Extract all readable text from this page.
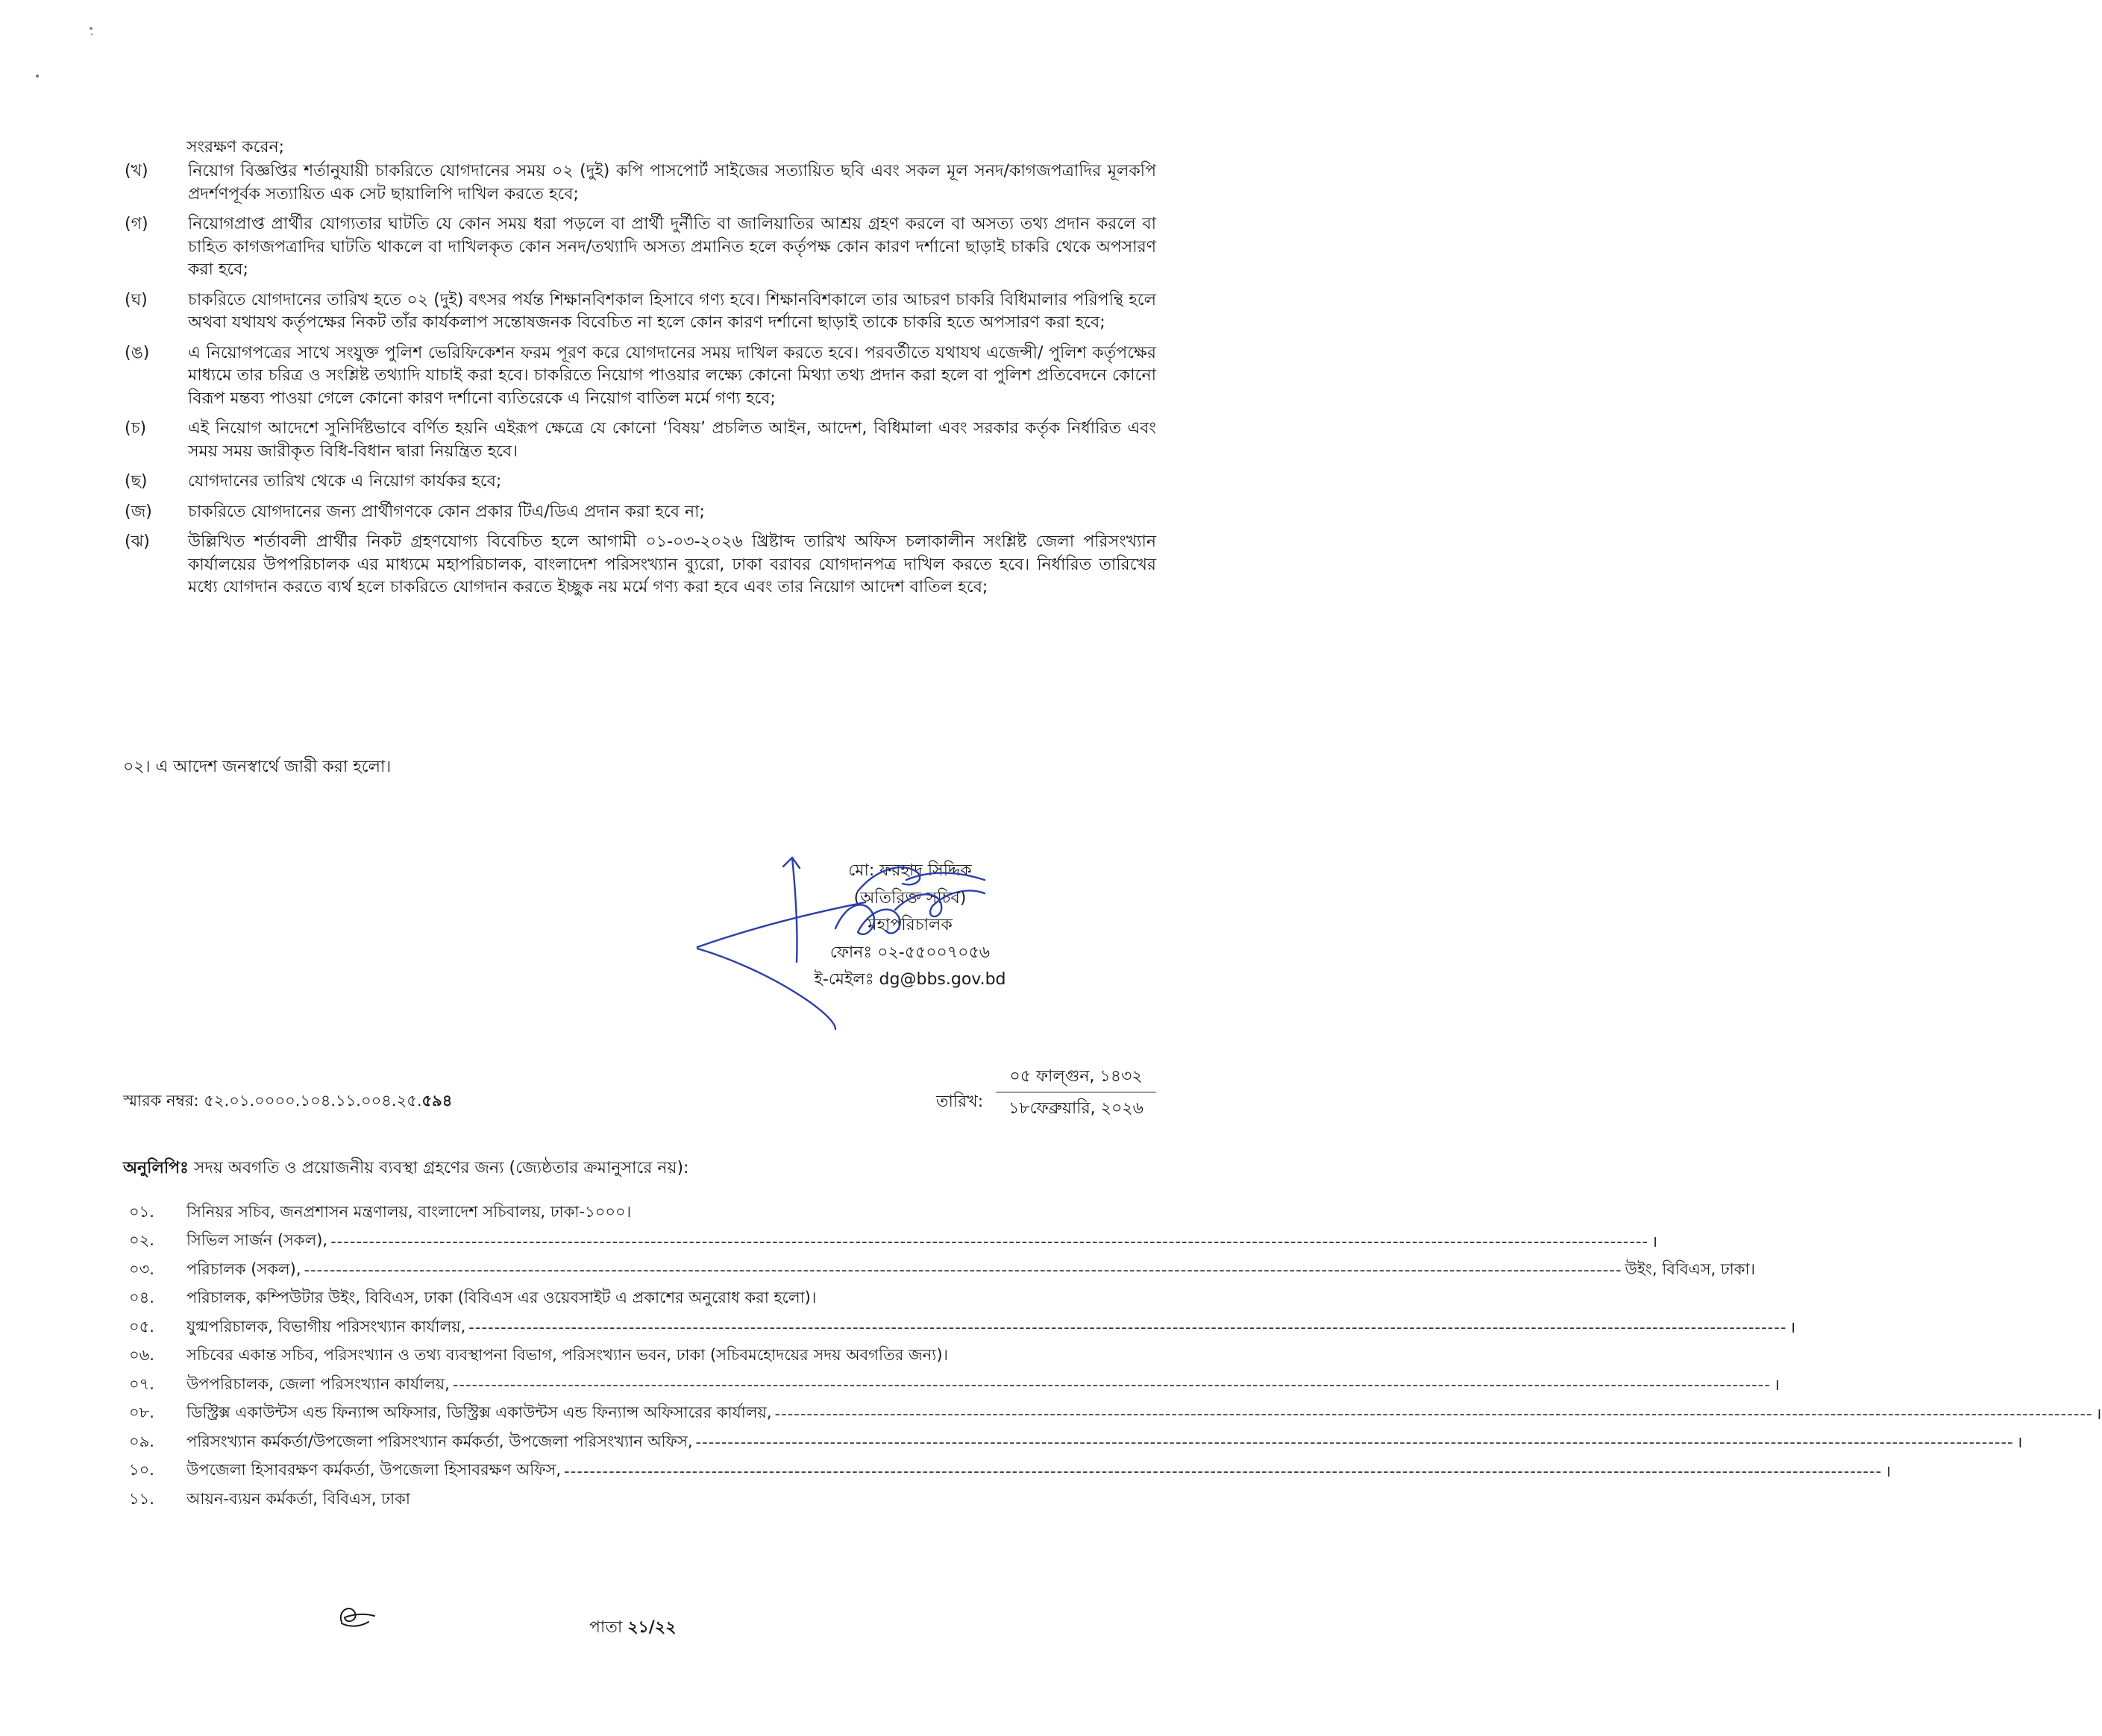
সংরক্ষণ করেন;
(খ)	নিয়োগ বিজ্ঞপ্তির শর্তানুযায়ী চাকরিতে যোগদানের সময় ০২ (দুই) কপি পাসপোর্ট সাইজের সত্যায়িত ছবি এবং সকল মূল সনদ/কাগজপত্রাদির মূলকপি প্রদর্শণপূর্বক সত্যায়িত এক সেট ছায়ালিপি দাখিল করতে হবে;
(গ)	নিয়োগপ্রাপ্ত প্রার্থীর যোগ্যতার ঘাটতি যে কোন সময় ধরা পড়লে বা প্রার্থী দুর্নীতি বা জালিয়াতির আশ্রয় গ্রহণ করলে বা অসত্য তথ্য প্রদান করলে বা চাহিত কাগজপত্রাদির ঘাটতি থাকলে বা দাখিলকৃত কোন সনদ/তথ্যাদি অসত্য প্রমানিত হলে কর্তৃপক্ষ কোন কারণ দর্শানো ছাড়াই চাকরি থেকে অপসারণ করা হবে;
(ঘ)	চাকরিতে যোগদানের তারিখ হতে ০২ (দুই) বৎসর পর্যন্ত শিক্ষানবিশকাল হিসাবে গণ্য হবে। শিক্ষানবিশকালে তার আচরণ চাকরি বিধিমালার পরিপন্থি হলে অথবা যথাযথ কর্তৃপক্ষের নিকট তাঁর কার্যকলাপ সন্তোষজনক বিবেচিত না হলে কোন কারণ দর্শানো ছাড়াই তাকে চাকরি হতে অপসারণ করা হবে;
(ঙ)	এ নিয়োগপত্রের সাথে সংযুক্ত পুলিশ ভেরিফিকেশন ফরম পূরণ করে যোগদানের সময় দাখিল করতে হবে। পরবর্তীতে যথাযথ এজেন্সী/ পুলিশ কর্তৃপক্ষের মাধ্যমে তার চরিত্র ও সংশ্লিষ্ট তথ্যাদি যাচাই করা হবে। চাকরিতে নিয়োগ পাওয়ার লক্ষ্যে কোনো মিথ্যা তথ্য প্রদান করা হলে বা পুলিশ প্রতিবেদনে কোনো বিরূপ মন্তব্য পাওয়া গেলে কোনো কারণ দর্শানো ব্যতিরেকে এ নিয়োগ বাতিল মর্মে গণ্য হবে;
(চ)	এই নিয়োগ আদেশে সুনির্দিষ্টভাবে বর্ণিত হয়নি এইরূপ ক্ষেত্রে যে কোনো ‘বিষয়’ প্রচলিত আইন, আদেশ, বিধিমালা এবং সরকার কর্তৃক নির্ধারিত এবং সময় সময় জারীকৃত বিধি-বিধান দ্বারা নিয়ন্ত্রিত হবে।
(ছ)	যোগদানের তারিখ থেকে এ নিয়োগ কার্যকর হবে;
(জ)	চাকরিতে যোগদানের জন্য প্রার্থীগণকে কোন প্রকার টিএ/ডিএ প্রদান করা হবে না;
(ঝ)	উল্লিখিত শর্তাবলী প্রার্থীর নিকট গ্রহণযোগ্য বিবেচিত হলে আগামী ০১-০৩-২০২৬ খ্রিষ্টাব্দ তারিখ অফিস চলাকালীন সংশ্লিষ্ট জেলা পরিসংখ্যান কার্যালয়ের উপপরিচালক এর মাধ্যমে মহাপরিচালক, বাংলাদেশ পরিসংখ্যান ব্যুরো, ঢাকা বরাবর যোগদানপত্র দাখিল করতে হবে। নির্ধারিত তারিখের মধ্যে যোগদান করতে ব্যর্থ হলে চাকরিতে যোগদান করতে ইচ্ছুক নয় মর্মে গণ্য করা হবে এবং তার নিয়োগ আদেশ বাতিল হবে;
০২। এ আদেশ জনস্বার্থে জারী করা হলো।
মো: ফরহাদ সিদ্দিক
(অতিরিক্ত সচিব)
মহাপরিচালক
ফোনঃ ০২-৫৫০০৭০৫৬
ই-মেইলঃ dg@bbs.gov.bd
স্মারক নম্বর: ৫২.০১.০০০০.১০৪.১১.০০৪.২৫.৫৯৪	তারিখ:
০৫ ফাল্গুন, ১৪৩২
১৮ফেব্রুয়ারি, ২০২৬
অনুলিপিঃ সদয় অবগতি ও প্রয়োজনীয় ব্যবস্থা গ্রহণের জন্য (জ্যেষ্ঠতার ক্রমানুসারে নয়):
০১.	সিনিয়র সচিব, জনপ্রশাসন মন্ত্রণালয়, বাংলাদেশ সচিবালয়, ঢাকা-১০০০।
০২.	সিভিল সার্জন (সকল), -------------------------------------------------------------------------------------------------------------------------------------------------------------------------------------------------------------- ।
০৩.	পরিচালক (সকল), -------------------------------------------------------------------------------------------------------------------------------------------------------------------------------------------------------------- উইং, বিবিএস, ঢাকা।
০৪.	পরিচালক, কম্পিউটার উইং, বিবিএস, ঢাকা (বিবিএস এর ওয়েবসাইট এ প্রকাশের অনুরোধ করা হলো)।
০৫.	যুগ্মপরিচালক, বিভাগীয় পরিসংখ্যান কার্যালয়, -------------------------------------------------------------------------------------------------------------------------------------------------------------------------------------------------------------- ।
০৬.	সচিবের একান্ত সচিব, পরিসংখ্যান ও তথ্য ব্যবস্থাপনা বিভাগ, পরিসংখ্যান ভবন, ঢাকা (সচিবমহোদয়ের সদয় অবগতির জন্য)।
০৭.	উপপরিচালক, জেলা পরিসংখ্যান কার্যালয়, -------------------------------------------------------------------------------------------------------------------------------------------------------------------------------------------------------------- ।
০৮.	ডিস্ট্রিক্স একাউন্টস এন্ড ফিন্যান্স অফিসার, ডিস্ট্রিক্স একাউন্টস এন্ড ফিন্যান্স অফিসারের কার্যালয়, -------------------------------------------------------------------------------------------------------------------------------------------------------------------------------------------------------------- ।
০৯.	পরিসংখ্যান কর্মকর্তা/উপজেলা পরিসংখ্যান কর্মকর্তা, উপজেলা পরিসংখ্যান অফিস, -------------------------------------------------------------------------------------------------------------------------------------------------------------------------------------------------------------- ।
১০.	উপজেলা হিসাবরক্ষণ কর্মকর্তা, উপজেলা হিসাবরক্ষণ অফিস, -------------------------------------------------------------------------------------------------------------------------------------------------------------------------------------------------------------- ।
১১.	আয়ন-ব্যয়ন কর্মকর্তা, বিবিএস, ঢাকা
পাতা ২১/২২
